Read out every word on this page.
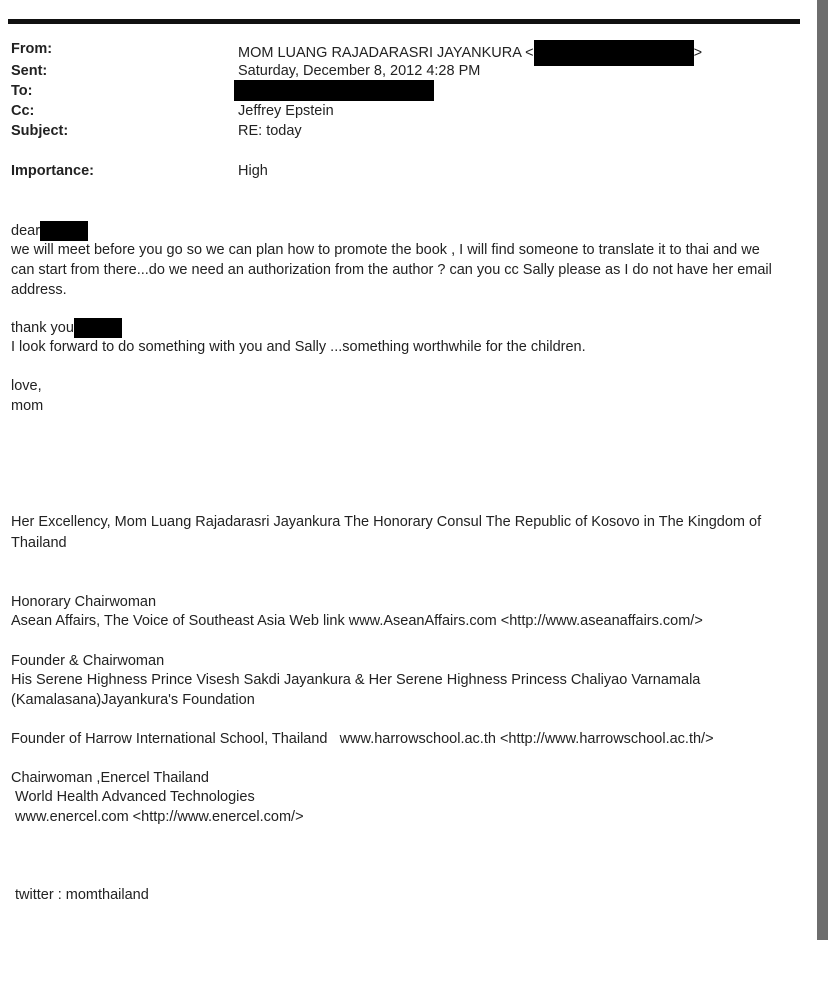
From:	MOM LUANG RAJADARASRI JAYANKURA <	>
Sent:	Saturday, December 8, 2012 4:28 PM
To:
Cc:	Jeffrey Epstein
Subject:	RE: today
Importance:	High
dear
we will meet before you go so we can plan how to promote the book , I will find someone to translate it to thai and we
can start from there...do we need an authorization from the author ? can you cc Sally please as I do not have her email
address.
thank you
I look forward to do something with you and Sally ...something worthwhile for the children.
love,
mom
Her Excellency, Mom Luang Rajadarasri Jayankura The Honorary Consul The Republic of Kosovo in The Kingdom of
Thailand
Honorary Chairwoman
Asean Affairs, The Voice of Southeast Asia Web link www.AseanAffairs.com <http://www.aseanaffairs.com/>
Founder & Chairwoman
His Serene Highness Prince Visesh Sakdi Jayankura & Her Serene Highness Princess Chaliyao Varnamala
(Kamalasana)Jayankura's Foundation
Founder of Harrow International School, Thailand   www.harrowschool.ac.th <http://www.harrowschool.ac.th/>
Chairwoman ,Enercel Thailand
World Health Advanced Technologies
www.enercel.com <http://www.enercel.com/>
twitter : momthailand
